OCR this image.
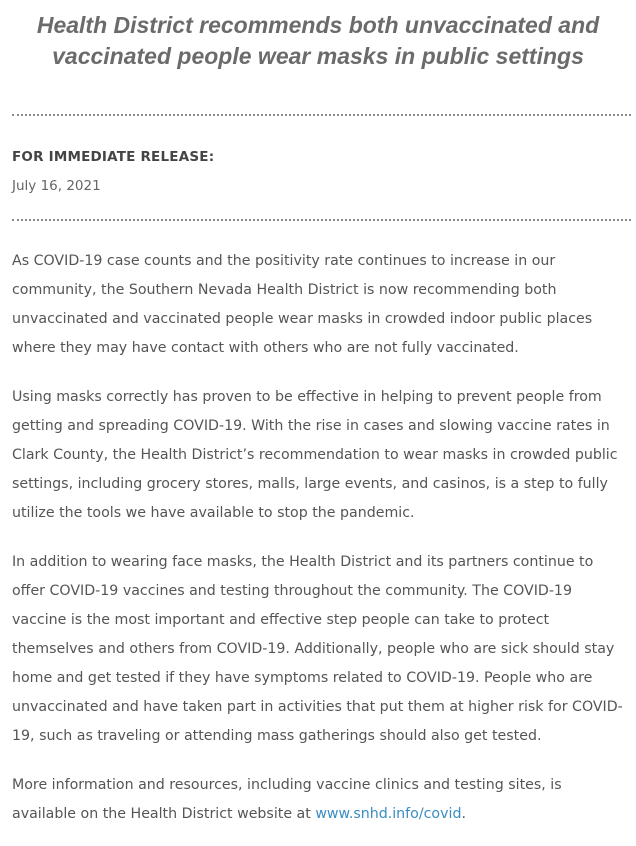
Health District recommends both unvaccinated and
vaccinated people wear masks in public settings
FOR IMMEDIATE RELEASE:
July 16, 2021

As COVID-19 case counts and the positivity rate continues to increase in our
community, the Southern Nevada Health District is now recommending both
unvaccinated and vaccinated people wear masks in crowded indoor public places
where they may have contact with others who are not fully vaccinated.

Using masks correctly has proven to be effective in helping to prevent people from
getting and spreading COVID-19. With the rise in cases and slowing vaccine rates in
Clark County, the Health District’s recommendation to wear masks in crowded public
settings, including grocery stores, malls, large events, and casinos, is a step to fully
utilize the tools we have available to stop the pandemic.

In addition to wearing face masks, the Health District and its partners continue to
offer COVID-19 vaccines and testing throughout the community. The COVID-19
vaccine is the most important and effective step people can take to protect
themselves and others from COVID-19. Additionally, people who are sick should stay
home and get tested if they have symptoms related to COVID-19. People who are
unvaccinated and have taken part in activities that put them at higher risk for COVID-
19, such as traveling or attending mass gatherings should also get tested.

More information and resources, including vaccine clinics and testing sites, is
available on the Health District website at www.snhd.info/covid.
